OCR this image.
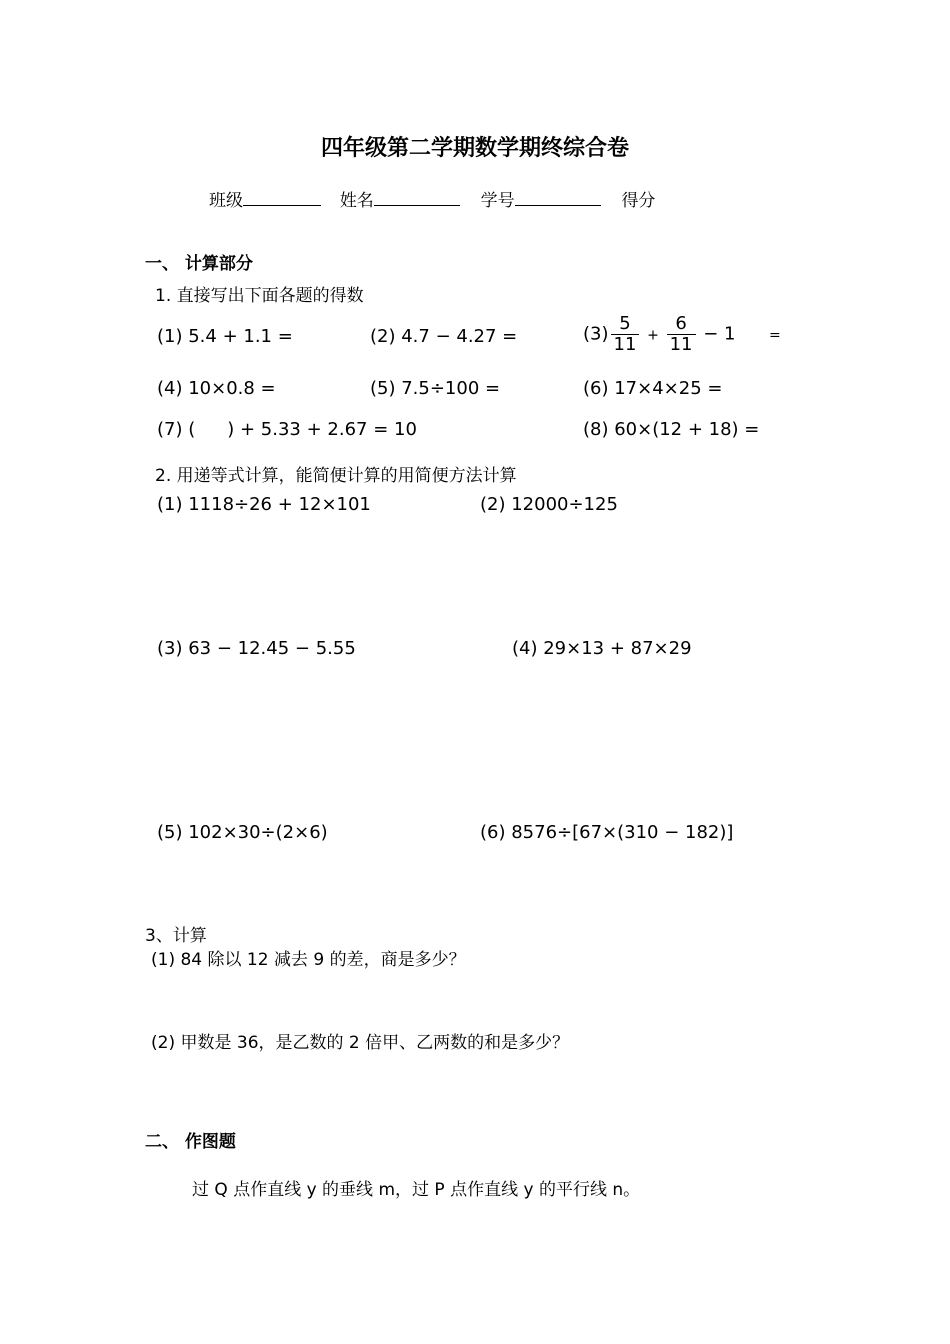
四年级第二学期数学期终综合卷
班级	姓名	学号	得分
一、 计算部分
1. 直接写出下面各题的得数
(1) 5.4 + 1.1 =	(2) 4.7 − 4.27 =	$(3) \frac{5}{11} + \frac{6}{11} - 1$ =
(4) 10×0.8 =	(5) 7.5÷100 =	(6) 17×4×25 =
(7) ( ) + 5.33 + 2.67 = 10	(8) 60×(12 + 18) =
2. 用递等式计算，能简便计算的用简便方法计算
(1) 1118÷26 + 12×101	(2) 12000÷125
(3) 63 − 12.45 − 5.55	(4) 29×13 + 87×29
(5) 102×30÷(2×6)	(6) 8576÷[67×(310 − 182)]
3、计算
(1) 84 除以 12 减去 9 的差，商是多少？
(2) 甲数是 36，是乙数的 2 倍甲、乙两数的和是多少？
二、 作图题
过 Q 点作直线 y 的垂线 m，过 P 点作直线 y 的平行线 n。
